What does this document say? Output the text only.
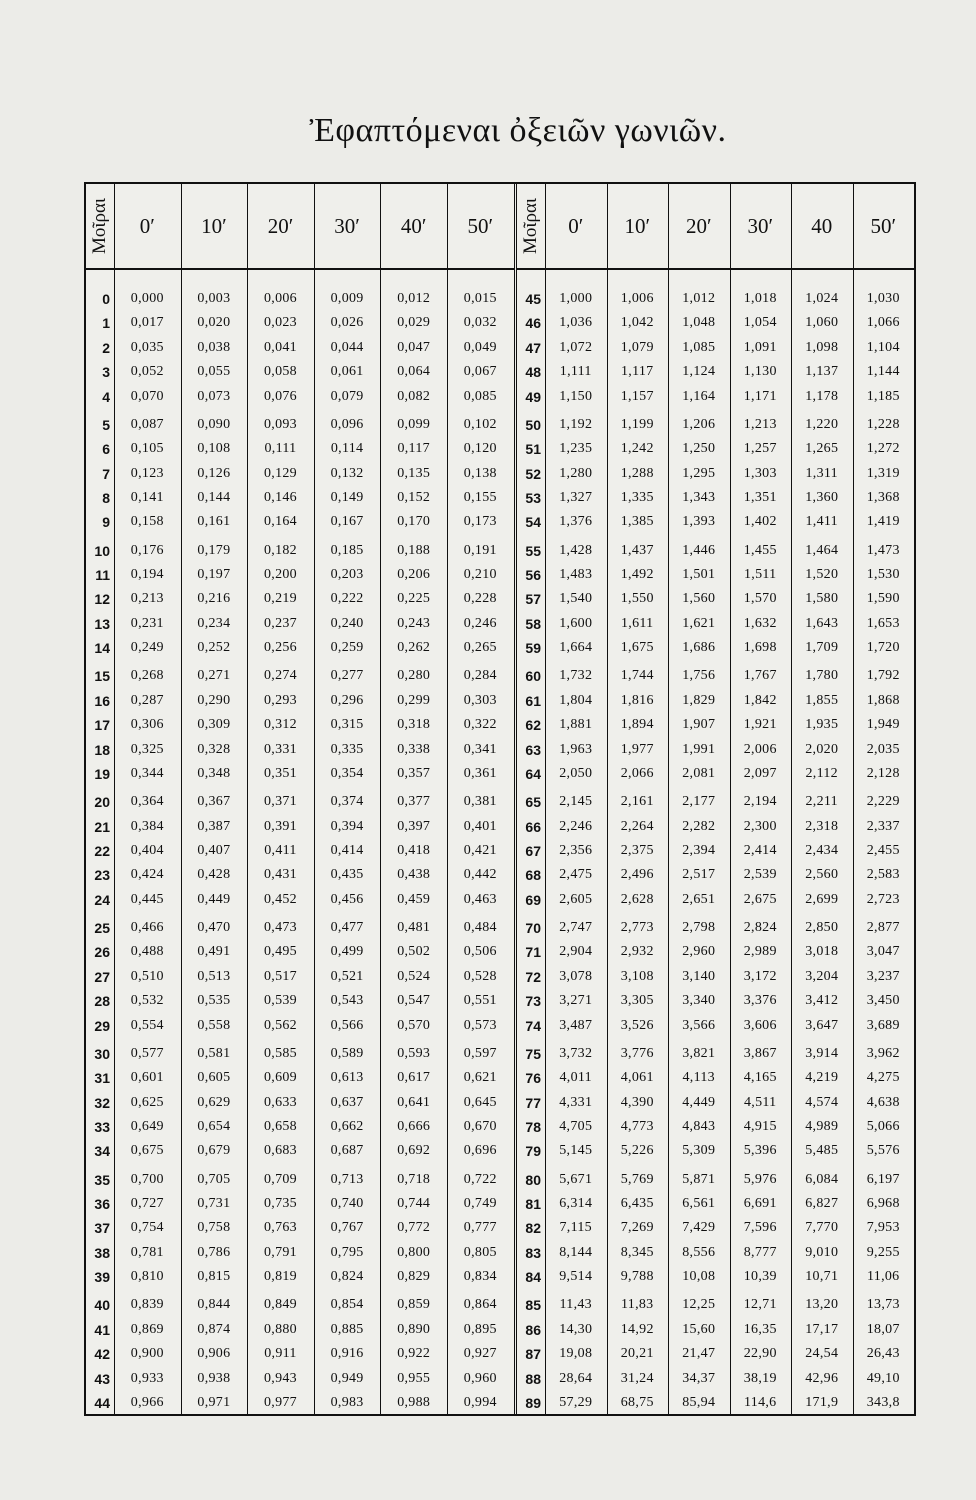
Ἐφαπτόμεναι ὀξειῶν γωνιῶν.
Μοῖραι	0′	10′	20′	30′	40′	50′
0	0,000	0,003	0,006	0,009	0,012	0,015
1	0,017	0,020	0,023	0,026	0,029	0,032
2	0,035	0,038	0,041	0,044	0,047	0,049
3	0,052	0,055	0,058	0,061	0,064	0,067
4	0,070	0,073	0,076	0,079	0,082	0,085
5	0,087	0,090	0,093	0,096	0,099	0,102
6	0,105	0,108	0,111	0,114	0,117	0,120
7	0,123	0,126	0,129	0,132	0,135	0,138
8	0,141	0,144	0,146	0,149	0,152	0,155
9	0,158	0,161	0,164	0,167	0,170	0,173
10	0,176	0,179	0,182	0,185	0,188	0,191
11	0,194	0,197	0,200	0,203	0,206	0,210
12	0,213	0,216	0,219	0,222	0,225	0,228
13	0,231	0,234	0,237	0,240	0,243	0,246
14	0,249	0,252	0,256	0,259	0,262	0,265
15	0,268	0,271	0,274	0,277	0,280	0,284
16	0,287	0,290	0,293	0,296	0,299	0,303
17	0,306	0,309	0,312	0,315	0,318	0,322
18	0,325	0,328	0,331	0,335	0,338	0,341
19	0,344	0,348	0,351	0,354	0,357	0,361
20	0,364	0,367	0,371	0,374	0,377	0,381
21	0,384	0,387	0,391	0,394	0,397	0,401
22	0,404	0,407	0,411	0,414	0,418	0,421
23	0,424	0,428	0,431	0,435	0,438	0,442
24	0,445	0,449	0,452	0,456	0,459	0,463
25	0,466	0,470	0,473	0,477	0,481	0,484
26	0,488	0,491	0,495	0,499	0,502	0,506
27	0,510	0,513	0,517	0,521	0,524	0,528
28	0,532	0,535	0,539	0,543	0,547	0,551
29	0,554	0,558	0,562	0,566	0,570	0,573
30	0,577	0,581	0,585	0,589	0,593	0,597
31	0,601	0,605	0,609	0,613	0,617	0,621
32	0,625	0,629	0,633	0,637	0,641	0,645
33	0,649	0,654	0,658	0,662	0,666	0,670
34	0,675	0,679	0,683	0,687	0,692	0,696
35	0,700	0,705	0,709	0,713	0,718	0,722
36	0,727	0,731	0,735	0,740	0,744	0,749
37	0,754	0,758	0,763	0,767	0,772	0,777
38	0,781	0,786	0,791	0,795	0,800	0,805
39	0,810	0,815	0,819	0,824	0,829	0,834
40	0,839	0,844	0,849	0,854	0,859	0,864
41	0,869	0,874	0,880	0,885	0,890	0,895
42	0,900	0,906	0,911	0,916	0,922	0,927
43	0,933	0,938	0,943	0,949	0,955	0,960
44	0,966	0,971	0,977	0,983	0,988	0,994
Μοῖραι	0′	10′	20′	30′	40	50′
45	1,000	1,006	1,012	1,018	1,024	1,030
46	1,036	1,042	1,048	1,054	1,060	1,066
47	1,072	1,079	1,085	1,091	1,098	1,104
48	1,111	1,117	1,124	1,130	1,137	1,144
49	1,150	1,157	1,164	1,171	1,178	1,185
50	1,192	1,199	1,206	1,213	1,220	1,228
51	1,235	1,242	1,250	1,257	1,265	1,272
52	1,280	1,288	1,295	1,303	1,311	1,319
53	1,327	1,335	1,343	1,351	1,360	1,368
54	1,376	1,385	1,393	1,402	1,411	1,419
55	1,428	1,437	1,446	1,455	1,464	1,473
56	1,483	1,492	1,501	1,511	1,520	1,530
57	1,540	1,550	1,560	1,570	1,580	1,590
58	1,600	1,611	1,621	1,632	1,643	1,653
59	1,664	1,675	1,686	1,698	1,709	1,720
60	1,732	1,744	1,756	1,767	1,780	1,792
61	1,804	1,816	1,829	1,842	1,855	1,868
62	1,881	1,894	1,907	1,921	1,935	1,949
63	1,963	1,977	1,991	2,006	2,020	2,035
64	2,050	2,066	2,081	2,097	2,112	2,128
65	2,145	2,161	2,177	2,194	2,211	2,229
66	2,246	2,264	2,282	2,300	2,318	2,337
67	2,356	2,375	2,394	2,414	2,434	2,455
68	2,475	2,496	2,517	2,539	2,560	2,583
69	2,605	2,628	2,651	2,675	2,699	2,723
70	2,747	2,773	2,798	2,824	2,850	2,877
71	2,904	2,932	2,960	2,989	3,018	3,047
72	3,078	3,108	3,140	3,172	3,204	3,237
73	3,271	3,305	3,340	3,376	3,412	3,450
74	3,487	3,526	3,566	3,606	3,647	3,689
75	3,732	3,776	3,821	3,867	3,914	3,962
76	4,011	4,061	4,113	4,165	4,219	4,275
77	4,331	4,390	4,449	4,511	4,574	4,638
78	4,705	4,773	4,843	4,915	4,989	5,066
79	5,145	5,226	5,309	5,396	5,485	5,576
80	5,671	5,769	5,871	5,976	6,084	6,197
81	6,314	6,435	6,561	6,691	6,827	6,968
82	7,115	7,269	7,429	7,596	7,770	7,953
83	8,144	8,345	8,556	8,777	9,010	9,255
84	9,514	9,788	10,08	10,39	10,71	11,06
85	11,43	11,83	12,25	12,71	13,20	13,73
86	14,30	14,92	15,60	16,35	17,17	18,07
87	19,08	20,21	21,47	22,90	24,54	26,43
88	28,64	31,24	34,37	38,19	42,96	49,10
89	57,29	68,75	85,94	114,6	171,9	343,8
